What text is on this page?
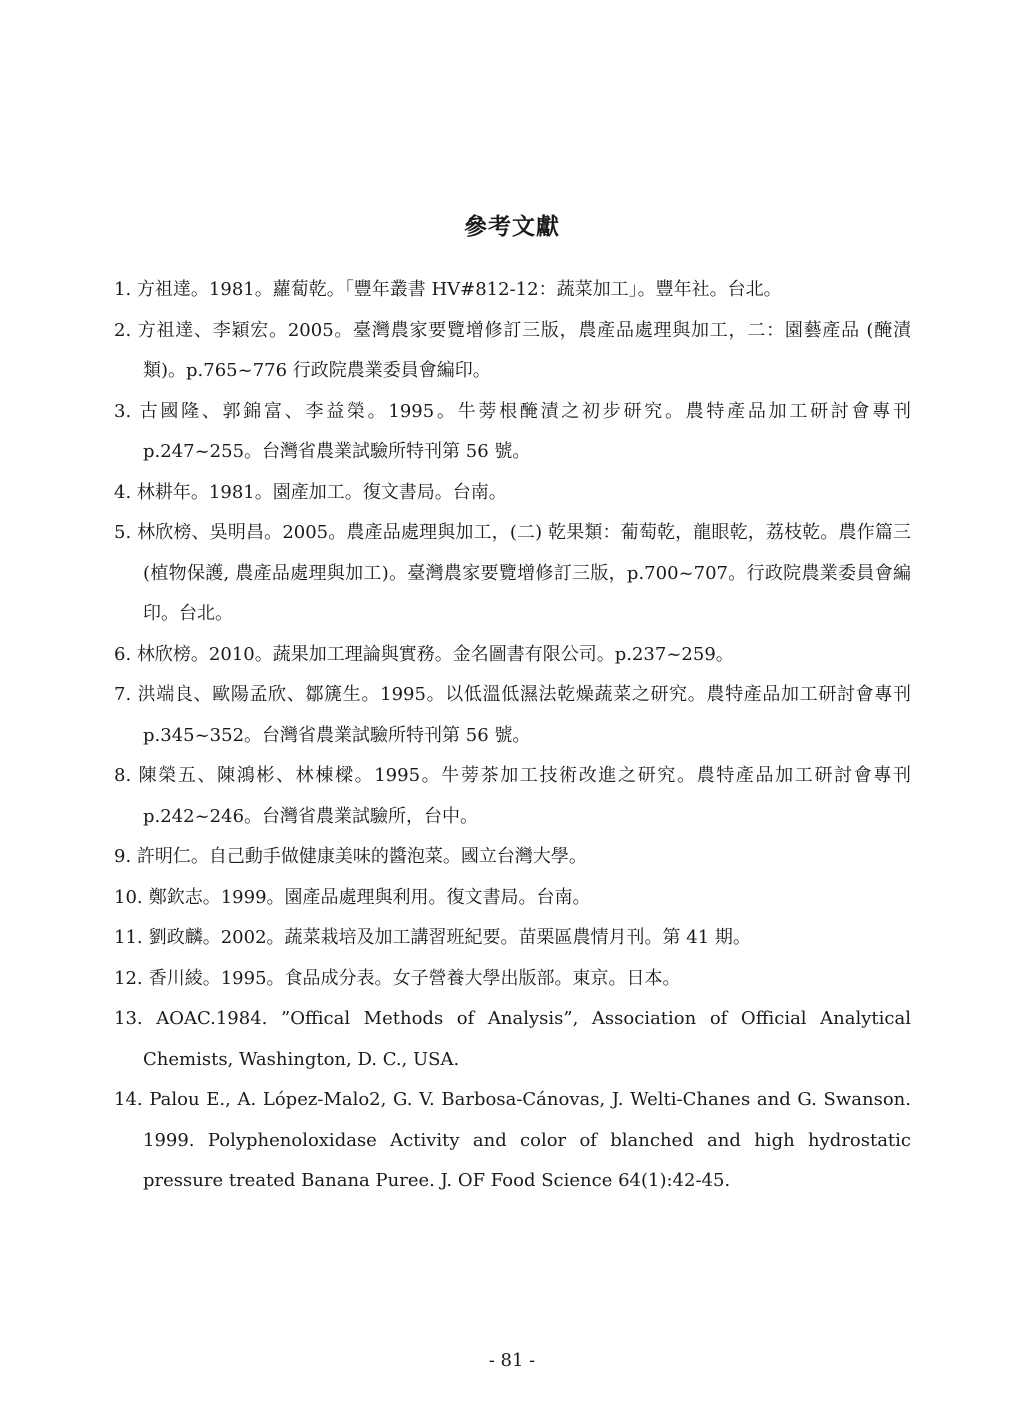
參考文獻
1. 方祖達。1981。蘿蔔乾。「豐年叢書 HV#812-12：蔬菜加工」。豐年社。台北。
2. 方祖達、李穎宏。2005。臺灣農家要覽增修訂三版，農產品處理與加工，二：園藝產品 (醃漬類)。p.765~776 行政院農業委員會編印。
3. 古國隆、郭錦富、李益榮。1995。牛蒡根醃漬之初步研究。農特產品加工研討會專刊 p.247~255。台灣省農業試驗所特刊第 56 號。
4. 林耕年。1981。園產加工。復文書局。台南。
5. 林欣榜、吳明昌。2005。農產品處理與加工，(二) 乾果類：葡萄乾，龍眼乾，荔枝乾。農作篇三 (植物保護, 農產品處理與加工)。臺灣農家要覽增修訂三版，p.700~707。行政院農業委員會編印。台北。
6. 林欣榜。2010。蔬果加工理論與實務。金名圖書有限公司。p.237~259。
7. 洪端良、歐陽孟欣、鄒篪生。1995。以低溫低濕法乾燥蔬菜之研究。農特產品加工研討會專刊 p.345~352。台灣省農業試驗所特刊第 56 號。
8. 陳榮五、陳鴻彬、林棟樑。1995。牛蒡茶加工技術改進之研究。農特產品加工研討會專刊 p.242~246。台灣省農業試驗所，台中。
9. 許明仁。自己動手做健康美味的醬泡菜。國立台灣大學。
10. 鄭欽志。1999。園產品處理與利用。復文書局。台南。
11. 劉政麟。2002。蔬菜栽培及加工講習班紀要。苗栗區農情月刊。第 41 期。
12. 香川綾。1995。食品成分表。女子營養大學出版部。東京。日本。
13. AOAC.1984. ”Offical Methods of Analysis”, Association of Official Analytical Chemists, Washington, D. C., USA.
14. Palou E., A. López-Malo2, G. V. Barbosa-Cánovas, J. Welti-Chanes and G. Swanson. 1999. Polyphenoloxidase Activity and color of blanched and high hydrostatic pressure treated Banana Puree. J. OF Food Science 64(1):42-45.
- 81 -
